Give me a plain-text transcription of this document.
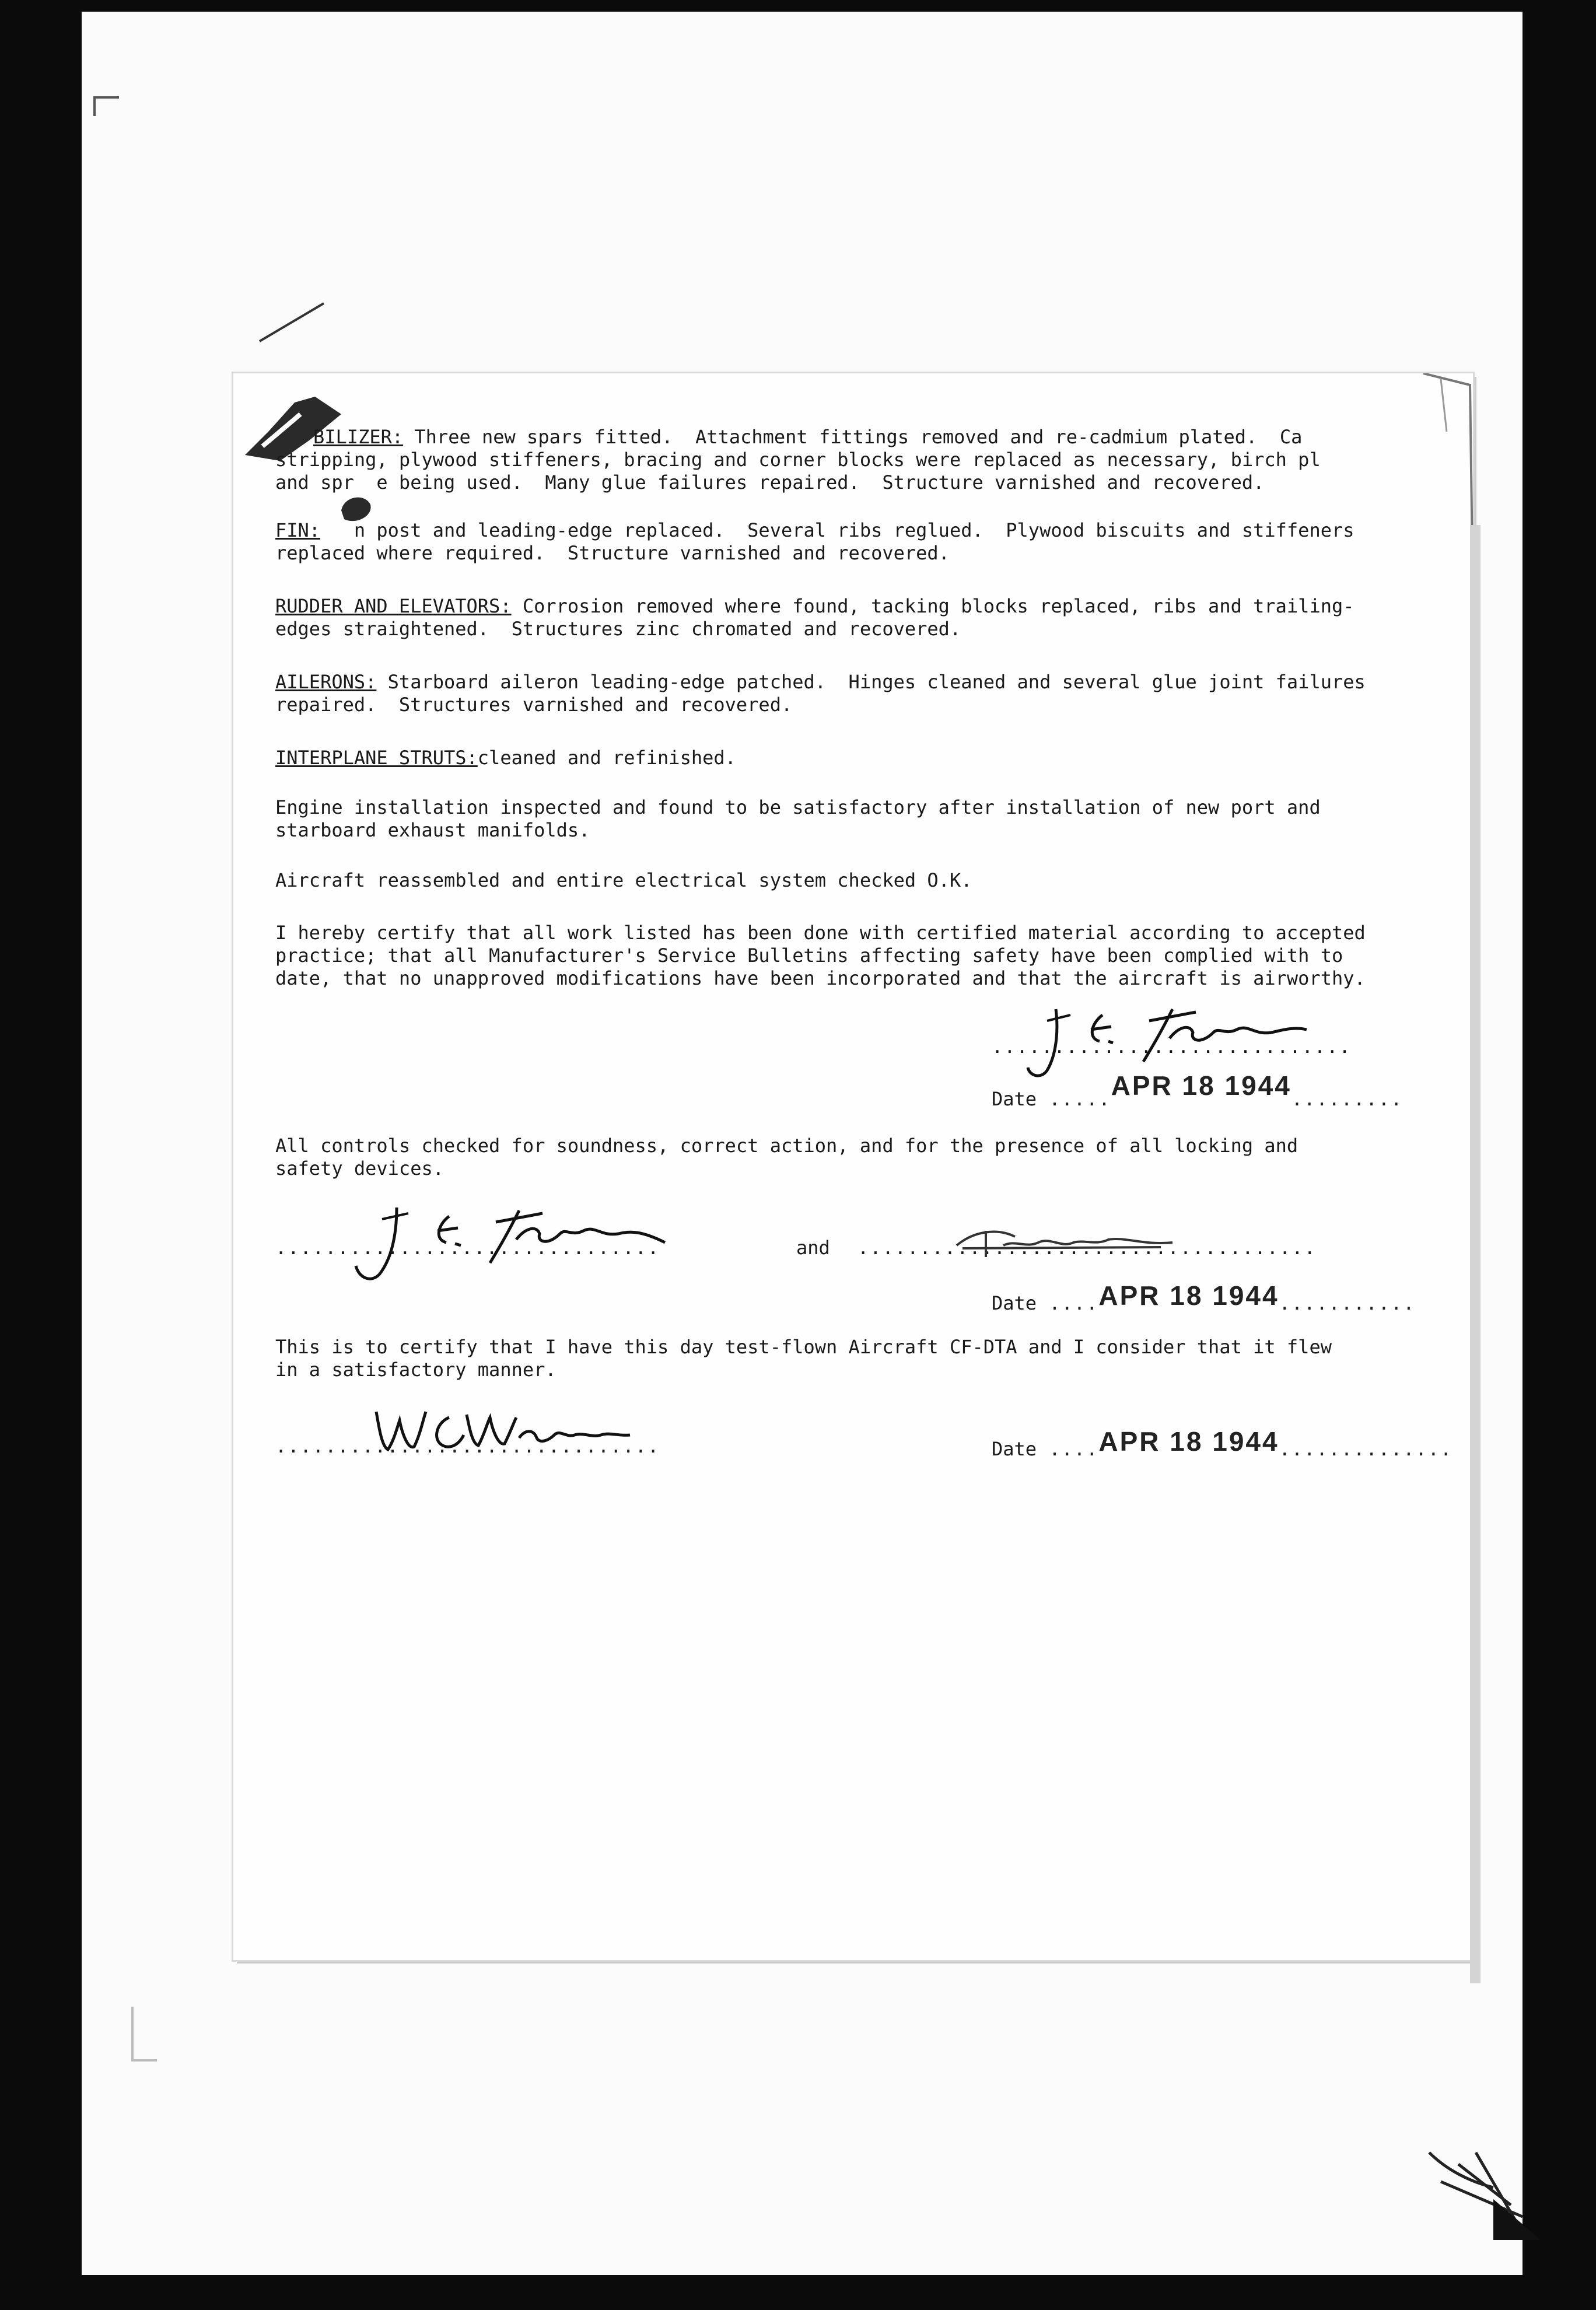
BILIZER: Three new spars fitted.  Attachment fittings removed and re-cadmium plated.  Ca
stripping, plywood stiffeners, bracing and corner blocks were replaced as necessary, birch pl
and spr  e being used.  Many glue failures repaired.  Structure varnished and recovered.
FIN:   n post and leading-edge replaced.  Several ribs reglued.  Plywood biscuits and stiffeners
replaced where required.  Structure varnished and recovered.
RUDDER AND ELEVATORS: Corrosion removed where found, tacking blocks replaced, ribs and trailing-
edges straightened.  Structures zinc chromated and recovered.
AILERONS: Starboard aileron leading-edge patched.  Hinges cleaned and several glue joint failures
repaired.  Structures varnished and recovered.
INTERPLANE STRUTS:cleaned and refinished.
Engine installation inspected and found to be satisfactory after installation of new port and
starboard exhaust manifolds.
Aircraft reassembled and entire electrical system checked O.K.
I hereby certify that all work listed has been done with certified material according to accepted
practice; that all Manufacturer's Service Bulletins affecting safety have been complied with to
date, that no unapproved modifications have been incorporated and that the aircraft is airworthy.
.............................
Date .....APR 18 1944.........
All controls checked for soundness, correct action, and for the presence of all locking and
safety devices.
...............................	and	.....................................
Date ....APR 18 1944...........
This is to certify that I have this day test-flown Aircraft CF-DTA and I consider that it flew
in a satisfactory manner.
...............................	Date ....APR 18 1944..............
